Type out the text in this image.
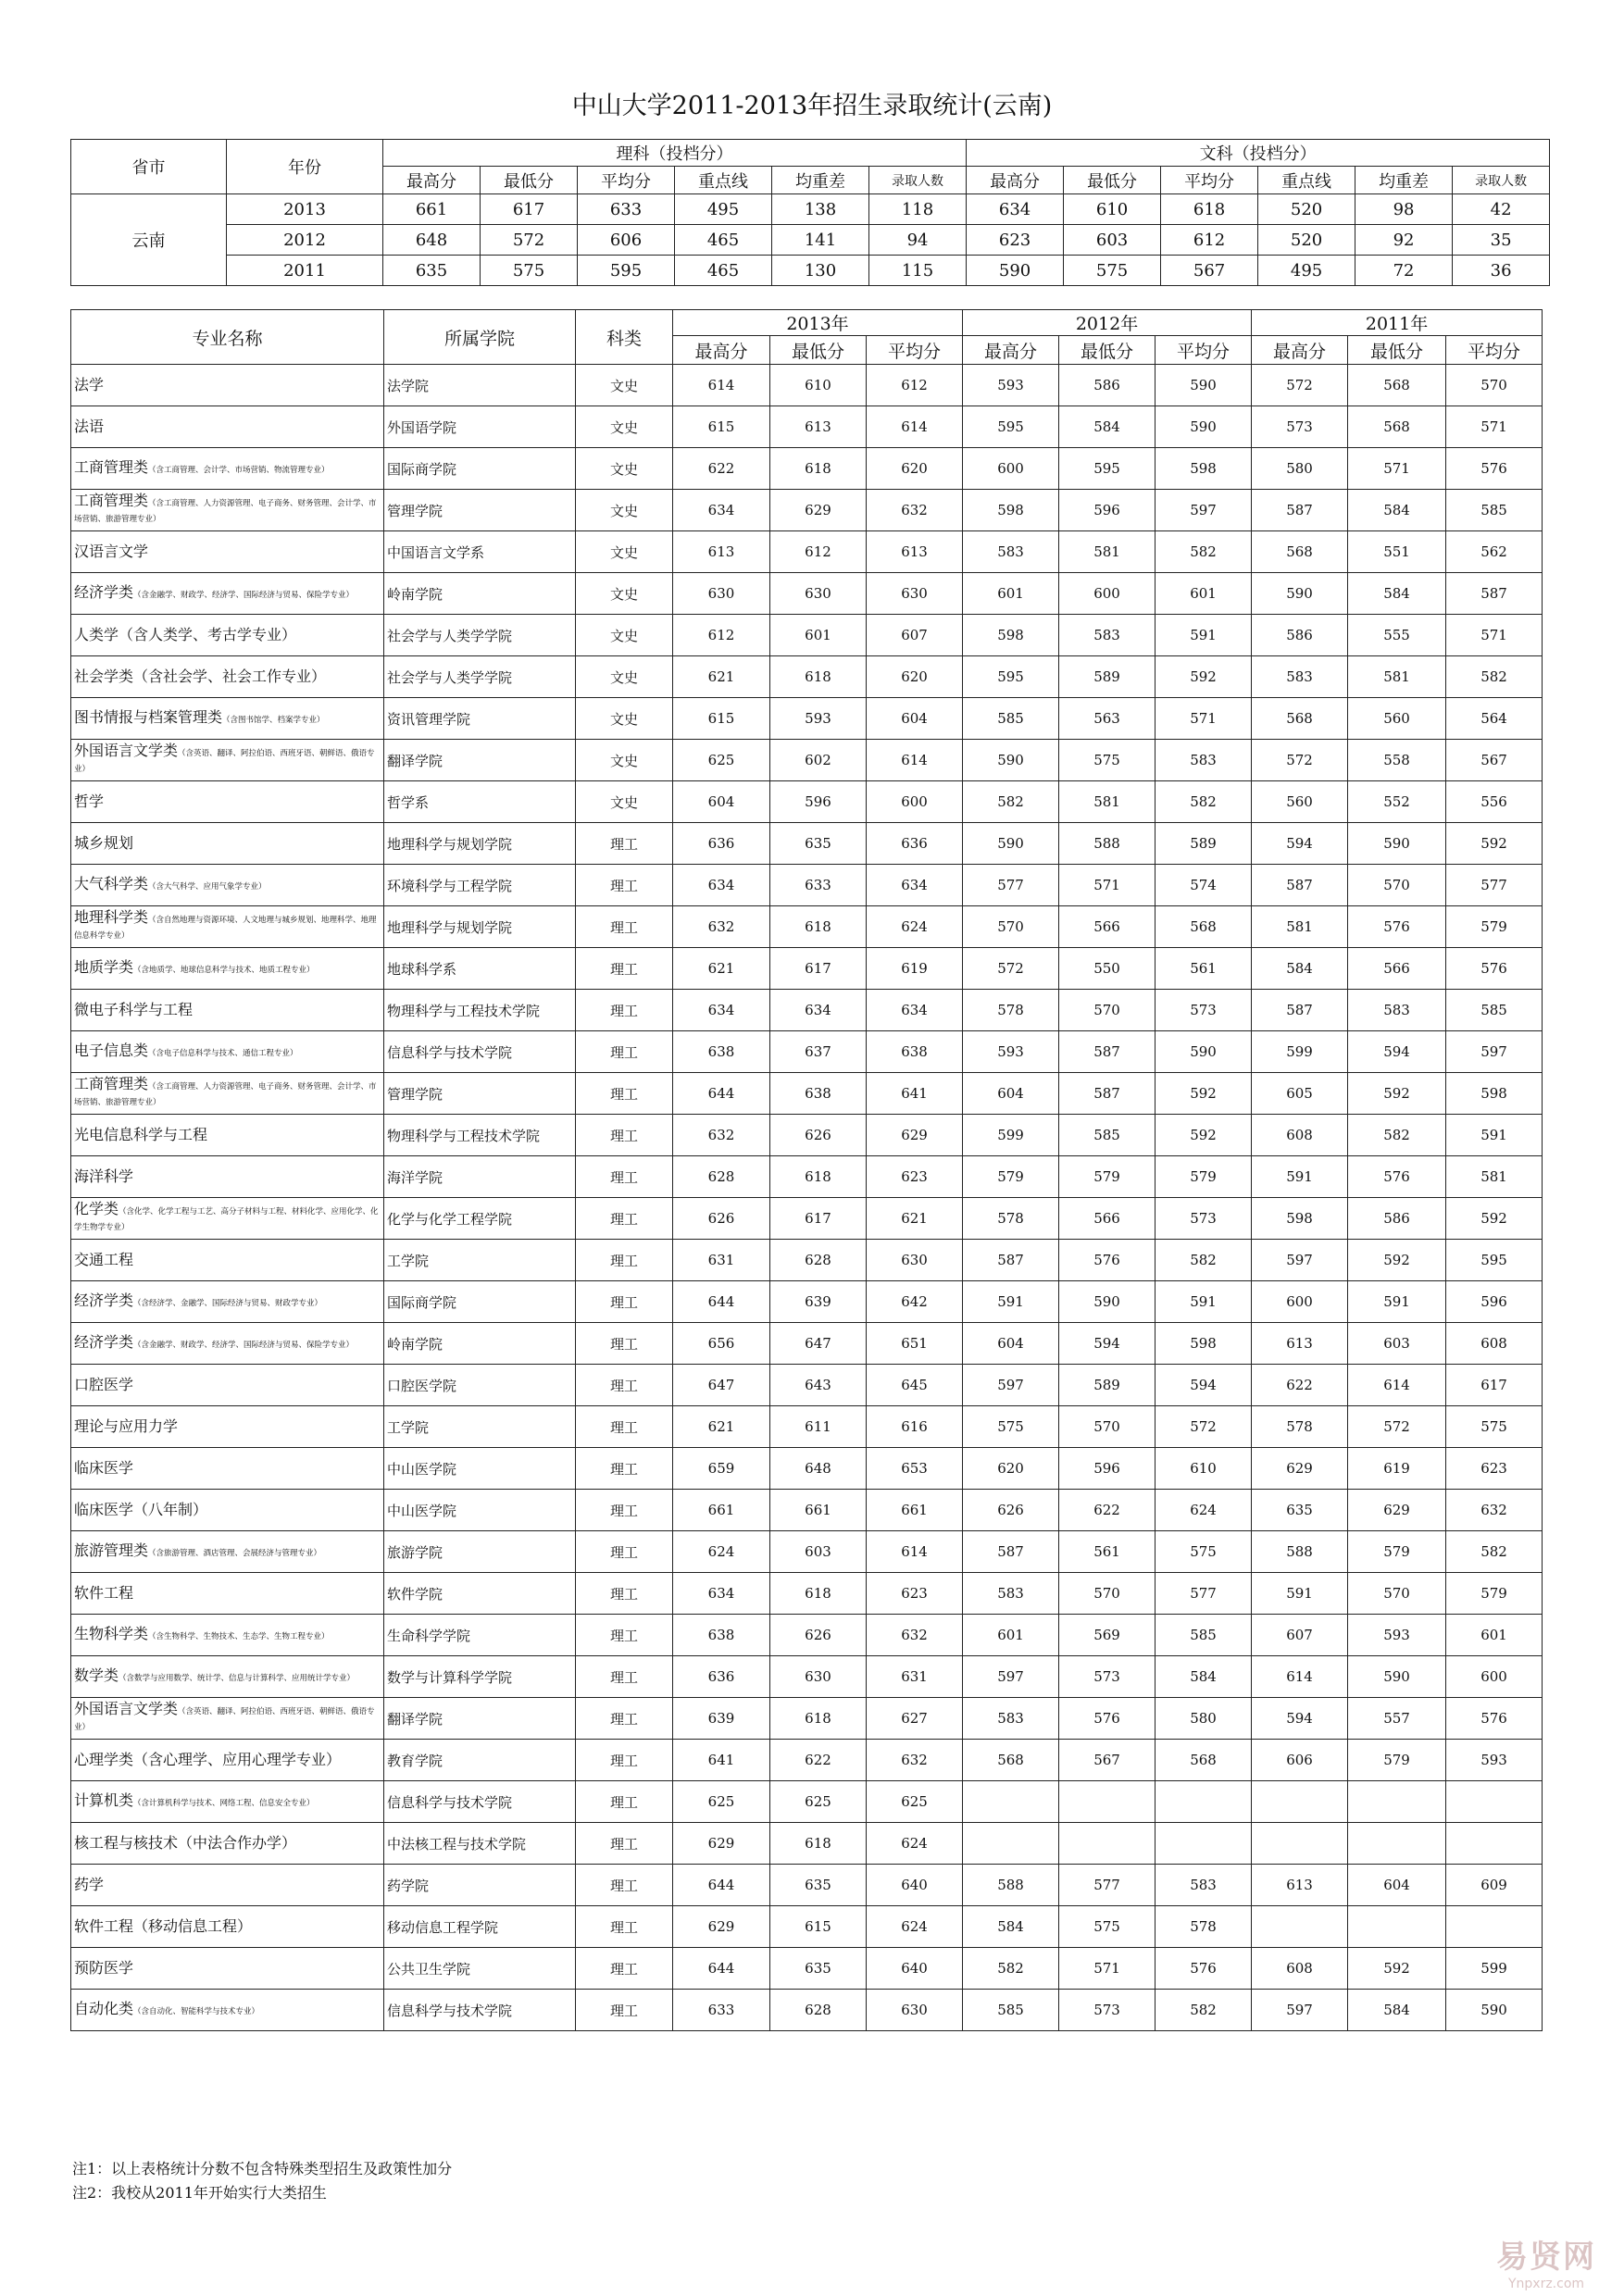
中山大学2011-2013年招生录取统计(云南)
省市	年份	理科（投档分）						文科（投档分）					
		最高分	最低分	平均分	重点线	均重差	录取人数	最高分	最低分	平均分	重点线	均重差	录取人数
云南	2013	661	617	633	495	138	118	634	610	618	520	98	42
	2012	648	572	606	465	141	94	623	603	612	520	92	35
	2011	635	575	595	465	130	115	590	575	567	495	72	36
专业名称	所属学院	科类	2013年			2012年			2011年		
			最高分	最低分	平均分	最高分	最低分	平均分	最高分	最低分	平均分
法学	法学院	文史	614	610	612	593	586	590	572	568	570
法语	外国语学院	文史	615	613	614	595	584	590	573	568	571
工商管理类（含工商管理、会计学、市场营销、物流管理专业）	国际商学院	文史	622	618	620	600	595	598	580	571	576
工商管理类（含工商管理、人力资源管理、电子商务、财务管理、会计学、市场营销、旅游管理专业）	管理学院	文史	634	629	632	598	596	597	587	584	585
汉语言文学	中国语言文学系	文史	613	612	613	583	581	582	568	551	562
经济学类（含金融学、财政学、经济学、国际经济与贸易、保险学专业）	岭南学院	文史	630	630	630	601	600	601	590	584	587
人类学（含人类学、考古学专业）	社会学与人类学学院	文史	612	601	607	598	583	591	586	555	571
社会学类（含社会学、社会工作专业）	社会学与人类学学院	文史	621	618	620	595	589	592	583	581	582
图书情报与档案管理类（含图书馆学、档案学专业）	资讯管理学院	文史	615	593	604	585	563	571	568	560	564
外国语言文学类（含英语、翻译、阿拉伯语、西班牙语、朝鲜语、俄语专业）	翻译学院	文史	625	602	614	590	575	583	572	558	567
哲学	哲学系	文史	604	596	600	582	581	582	560	552	556
城乡规划	地理科学与规划学院	理工	636	635	636	590	588	589	594	590	592
大气科学类（含大气科学、应用气象学专业）	环境科学与工程学院	理工	634	633	634	577	571	574	587	570	577
地理科学类（含自然地理与资源环境、人文地理与城乡规划、地理科学、地理信息科学专业）	地理科学与规划学院	理工	632	618	624	570	566	568	581	576	579
地质学类（含地质学、地球信息科学与技术、地质工程专业）	地球科学系	理工	621	617	619	572	550	561	584	566	576
微电子科学与工程	物理科学与工程技术学院	理工	634	634	634	578	570	573	587	583	585
电子信息类（含电子信息科学与技术、通信工程专业）	信息科学与技术学院	理工	638	637	638	593	587	590	599	594	597
工商管理类（含工商管理、人力资源管理、电子商务、财务管理、会计学、市场营销、旅游管理专业）	管理学院	理工	644	638	641	604	587	592	605	592	598
光电信息科学与工程	物理科学与工程技术学院	理工	632	626	629	599	585	592	608	582	591
海洋科学	海洋学院	理工	628	618	623	579	579	579	591	576	581
化学类（含化学、化学工程与工艺、高分子材料与工程、材料化学、应用化学、化学生物学专业）	化学与化学工程学院	理工	626	617	621	578	566	573	598	586	592
交通工程	工学院	理工	631	628	630	587	576	582	597	592	595
经济学类（含经济学、金融学、国际经济与贸易、财政学专业）	国际商学院	理工	644	639	642	591	590	591	600	591	596
经济学类（含金融学、财政学、经济学、国际经济与贸易、保险学专业）	岭南学院	理工	656	647	651	604	594	598	613	603	608
口腔医学	口腔医学院	理工	647	643	645	597	589	594	622	614	617
理论与应用力学	工学院	理工	621	611	616	575	570	572	578	572	575
临床医学	中山医学院	理工	659	648	653	620	596	610	629	619	623
临床医学（八年制）	中山医学院	理工	661	661	661	626	622	624	635	629	632
旅游管理类（含旅游管理、酒店管理、会展经济与管理专业）	旅游学院	理工	624	603	614	587	561	575	588	579	582
软件工程	软件学院	理工	634	618	623	583	570	577	591	570	579
生物科学类（含生物科学、生物技术、生态学、生物工程专业）	生命科学学院	理工	638	626	632	601	569	585	607	593	601
数学类（含数学与应用数学、统计学、信息与计算科学、应用统计学专业）	数学与计算科学学院	理工	636	630	631	597	573	584	614	590	600
外国语言文学类（含英语、翻译、阿拉伯语、西班牙语、朝鲜语、俄语专业）	翻译学院	理工	639	618	627	583	576	580	594	557	576
心理学类（含心理学、应用心理学专业）	教育学院	理工	641	622	632	568	567	568	606	579	593
计算机类（含计算机科学与技术、网络工程、信息安全专业）	信息科学与技术学院	理工	625	625	625						
核工程与核技术（中法合作办学）	中法核工程与技术学院	理工	629	618	624						
药学	药学院	理工	644	635	640	588	577	583	613	604	609
软件工程（移动信息工程）	移动信息工程学院	理工	629	615	624	584	575	578			
预防医学	公共卫生学院	理工	644	635	640	582	571	576	608	592	599
自动化类（含自动化、智能科学与技术专业）	信息科学与技术学院	理工	633	628	630	585	573	582	597	584	590
注1：以上表格统计分数不包含特殊类型招生及政策性加分
注2：我校从2011年开始实行大类招生
易贤网
Ynpxrz.com
